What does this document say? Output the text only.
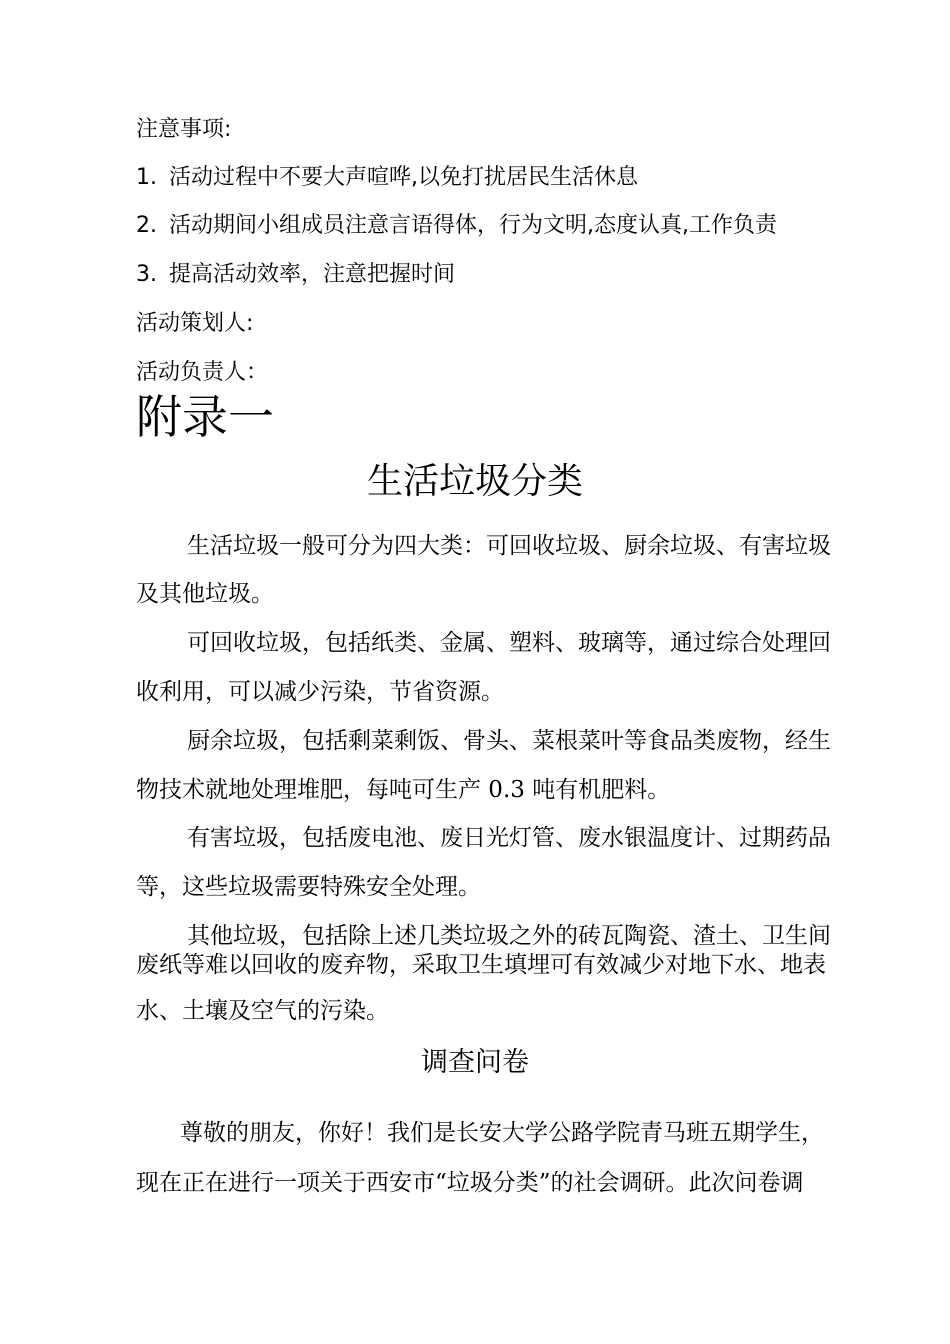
注意事项:
1. 活动过程中不要大声喧哗,以免打扰居民生活休息
2. 活动期间小组成员注意言语得体，行为文明,态度认真,工作负责
3. 提高活动效率，注意把握时间
活动策划人:
活动负责人：
附录一
生活垃圾分类
生活垃圾一般可分为四大类：可回收垃圾、厨余垃圾、有害垃圾
及其他垃圾。
可回收垃圾，包括纸类、金属、塑料、玻璃等，通过综合处理回
收利用，可以减少污染，节省资源。
厨余垃圾，包括剩菜剩饭、骨头、菜根菜叶等食品类废物，经生
物技术就地处理堆肥，每吨可生产 0.3 吨有机肥料。
有害垃圾，包括废电池、废日光灯管、废水银温度计、过期药品
等，这些垃圾需要特殊安全处理。
其他垃圾，包括除上述几类垃圾之外的砖瓦陶瓷、渣土、卫生间
废纸等难以回收的废弃物，采取卫生填埋可有效减少对地下水、地表
水、土壤及空气的污染。
调查问卷
尊敬的朋友，你好！我们是长安大学公路学院青马班五期学生，
现在正在进行一项关于西安市“垃圾分类”的社会调研。此次问卷调
